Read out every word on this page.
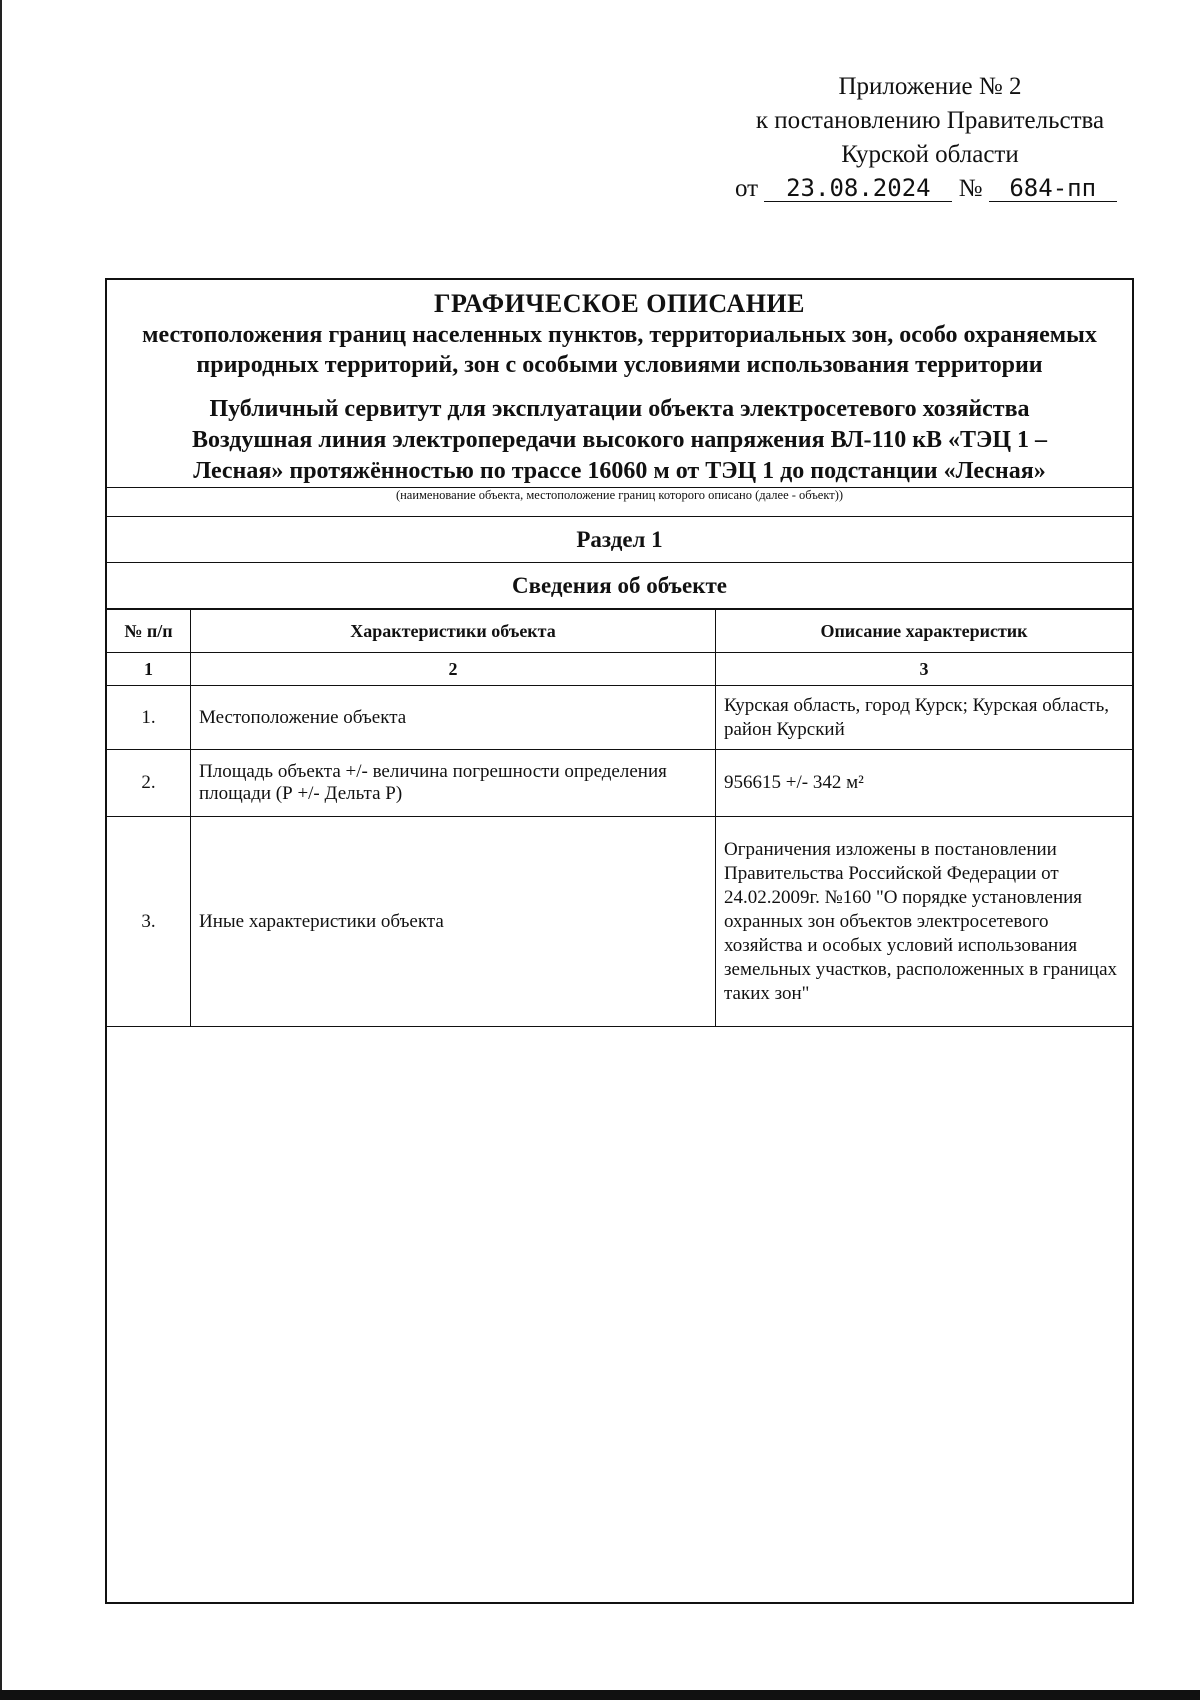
Приложение № 2
к постановлению Правительства
Курской области
от 23.08.2024 № 684-пп
ГРАФИЧЕСКОЕ ОПИСАНИЕ
местоположения границ населенных пунктов, территориальных зон, особо охраняемых природных территорий, зон с особыми условиями использования территории
Публичный сервитут для эксплуатации объекта электросетевого хозяйства
Воздушная линия электропередачи высокого напряжения ВЛ-110 кВ «ТЭЦ 1 –
Лесная» протяжённостью по трассе 16060 м от ТЭЦ 1 до подстанции «Лесная»
(наименование объекта, местоположение границ которого описано (далее - объект))
Раздел 1
Сведения об объекте
№ п/п	Характеристики объекта	Описание характеристик
1	2	3
1.	Местоположение объекта	Курская область, город Курск; Курская область, район Курский
2.	Площадь объекта +/- величина погрешности определения площади (Р +/- Дельта Р)	956615 +/- 342 м²
3.	Иные характеристики объекта	Ограничения изложены в постановлении Правительства Российской Федерации от 24.02.2009г. №160 "О порядке установления охранных зон объектов электросетевого хозяйства и особых условий использования земельных участков, расположенных в границах таких зон"
